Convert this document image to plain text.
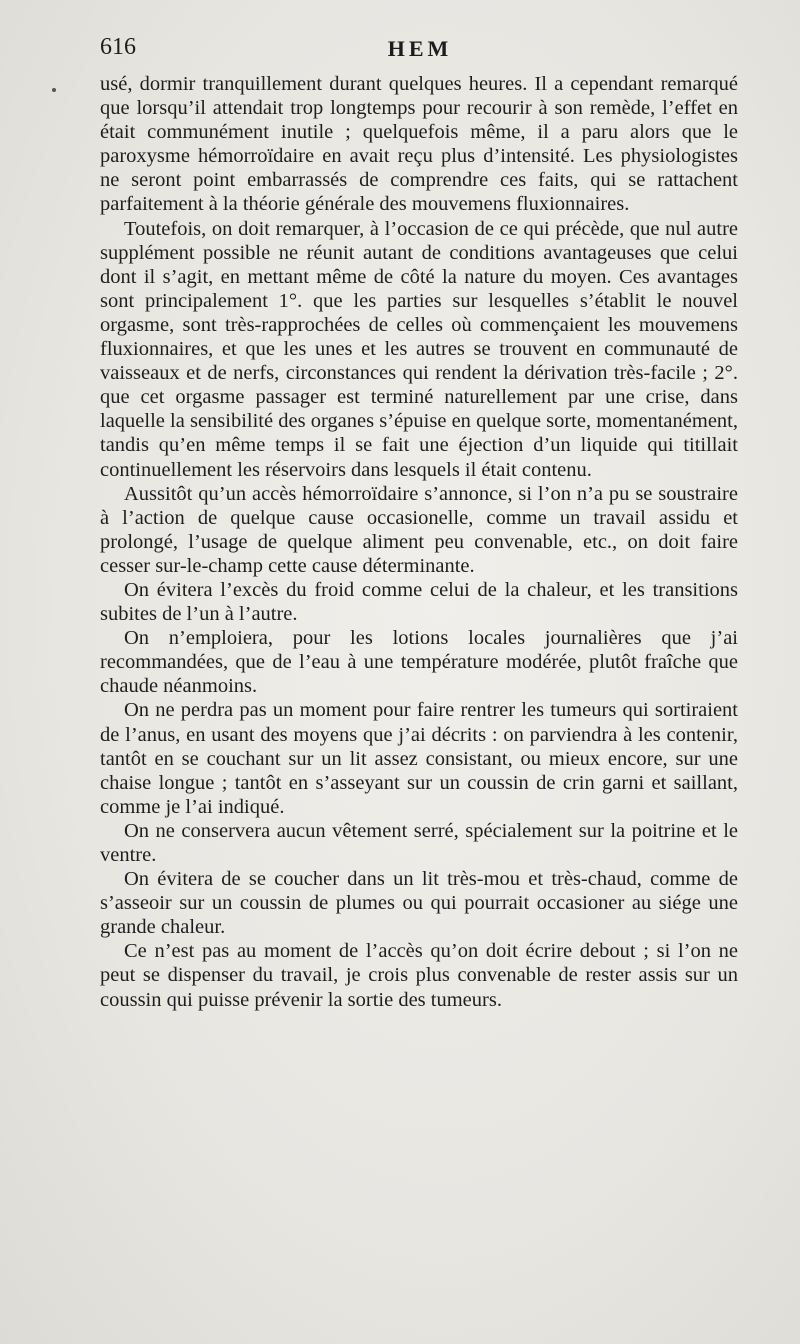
616	HEM

usé, dormir tranquillement durant quelques heures. Il a cependant remarqué que lorsqu’il attendait trop longtemps pour recourir à son remède, l’effet en était communément inutile ; quelquefois même, il a paru alors que le paroxysme hémorroïdaire en avait reçu plus d’intensité. Les physiologistes ne seront point embarrassés de comprendre ces faits, qui se rattachent parfaitement à la théorie générale des mouvemens fluxionnaires.

Toutefois, on doit remarquer, à l’occasion de ce qui précède, que nul autre supplément possible ne réunit autant de conditions avantageuses que celui dont il s’agit, en mettant même de côté la nature du moyen. Ces avantages sont principalement 1°. que les parties sur lesquelles s’établit le nouvel orgasme, sont très-rapprochées de celles où commençaient les mouvemens fluxionnaires, et que les unes et les autres se trouvent en communauté de vaisseaux et de nerfs, circonstances qui rendent la dérivation très-facile ; 2°. que cet orgasme passager est terminé naturellement par une crise, dans laquelle la sensibilité des organes s’épuise en quelque sorte, momentanément, tandis qu’en même temps il se fait une éjection d’un liquide qui titillait continuellement les réservoirs dans lesquels il était contenu.

Aussitôt qu’un accès hémorroïdaire s’annonce, si l’on n’a pu se soustraire à l’action de quelque cause occasionelle, comme un travail assidu et prolongé, l’usage de quelque aliment peu convenable, etc., on doit faire cesser sur-le-champ cette cause déterminante.

On évitera l’excès du froid comme celui de la chaleur, et les transitions subites de l’un à l’autre.

On n’emploiera, pour les lotions locales journalières que j’ai recommandées, que de l’eau à une température modérée, plutôt fraîche que chaude néanmoins.

On ne perdra pas un moment pour faire rentrer les tumeurs qui sortiraient de l’anus, en usant des moyens que j’ai décrits : on parviendra à les contenir, tantôt en se couchant sur un lit assez consistant, ou mieux encore, sur une chaise longue ; tantôt en s’asseyant sur un coussin de crin garni et saillant, comme je l’ai indiqué.

On ne conservera aucun vêtement serré, spécialement sur la poitrine et le ventre.

On évitera de se coucher dans un lit très-mou et très-chaud, comme de s’asseoir sur un coussin de plumes ou qui pourrait occasioner au siége une grande chaleur.

Ce n’est pas au moment de l’accès qu’on doit écrire debout ; si l’on ne peut se dispenser du travail, je crois plus convenable de rester assis sur un coussin qui puisse prévenir la sortie des tumeurs.
